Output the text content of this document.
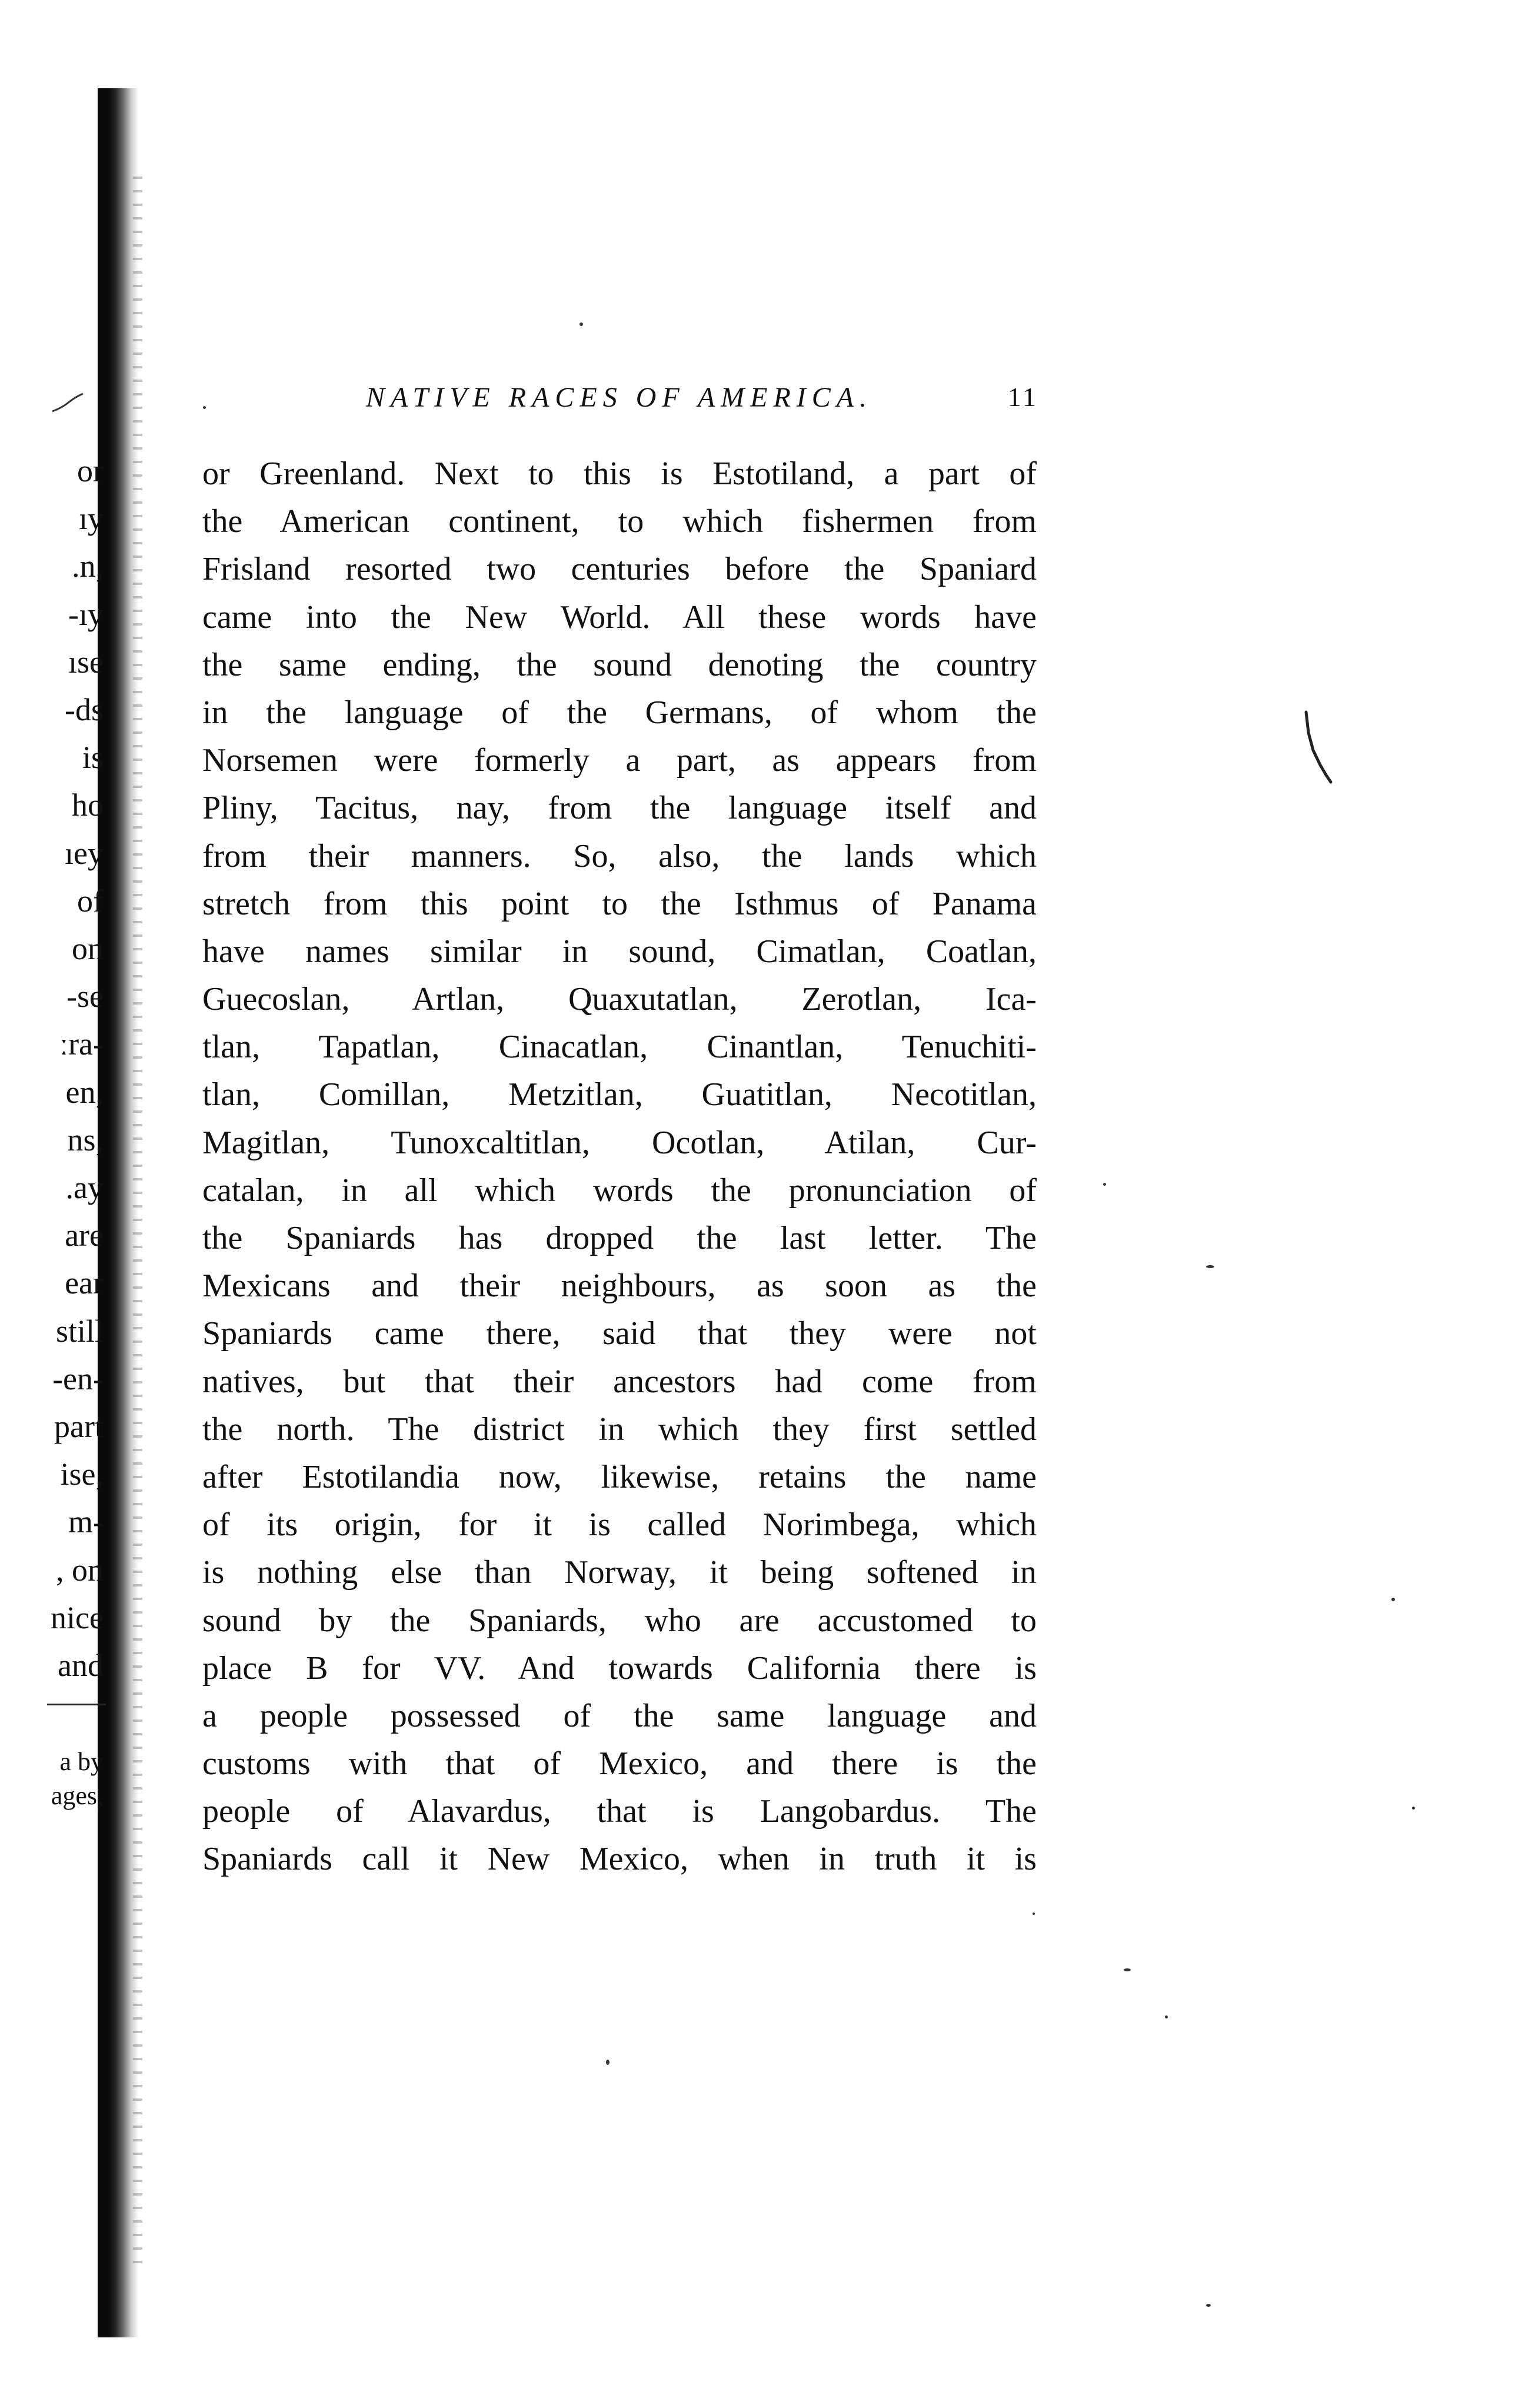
or
ıy
.n,
-ıy
ıse
-ds
is
ho
ıey
of
on
-se
ːra-
en,
ns,
.ay
are
ear
still
-en-
part
ise,
m-
, on
nice
and
a by
ages,
NATIVE RACES OF AMERICA.	11
or Greenland. Next to this is Estotiland, a part of
the American continent, to which fishermen from
Frisland resorted two centuries before the Spaniard
came into the New World. All these words have
the same ending, the sound denoting the country
in the language of the Germans, of whom the
Norsemen were formerly a part, as appears from
Pliny, Tacitus, nay, from the language itself and
from their manners. So, also, the lands which
stretch from this point to the Isthmus of Panama
have names similar in sound, Cimatlan, Coatlan,
Guecoslan, Artlan, Quaxutatlan, Zerotlan, Ica-
tlan, Tapatlan, Cinacatlan, Cinantlan, Tenuchiti-
tlan, Comillan, Metzitlan, Guatitlan, Necotitlan,
Magitlan, Tunoxcaltitlan, Ocotlan, Atilan, Cur-
catalan, in all which words the pronunciation of
the Spaniards has dropped the last letter. The
Mexicans and their neighbours, as soon as the
Spaniards came there, said that they were not
natives, but that their ancestors had come from
the north. The district in which they first settled
after Estotilandia now, likewise, retains the name
of its origin, for it is called Norimbega, which
is nothing else than Norway, it being softened in
sound by the Spaniards, who are accustomed to
place B for VV. And towards California there is
a people possessed of the same language and
customs with that of Mexico, and there is the
people of Alavardus, that is Langobardus. The
Spaniards call it New Mexico, when in truth it is
